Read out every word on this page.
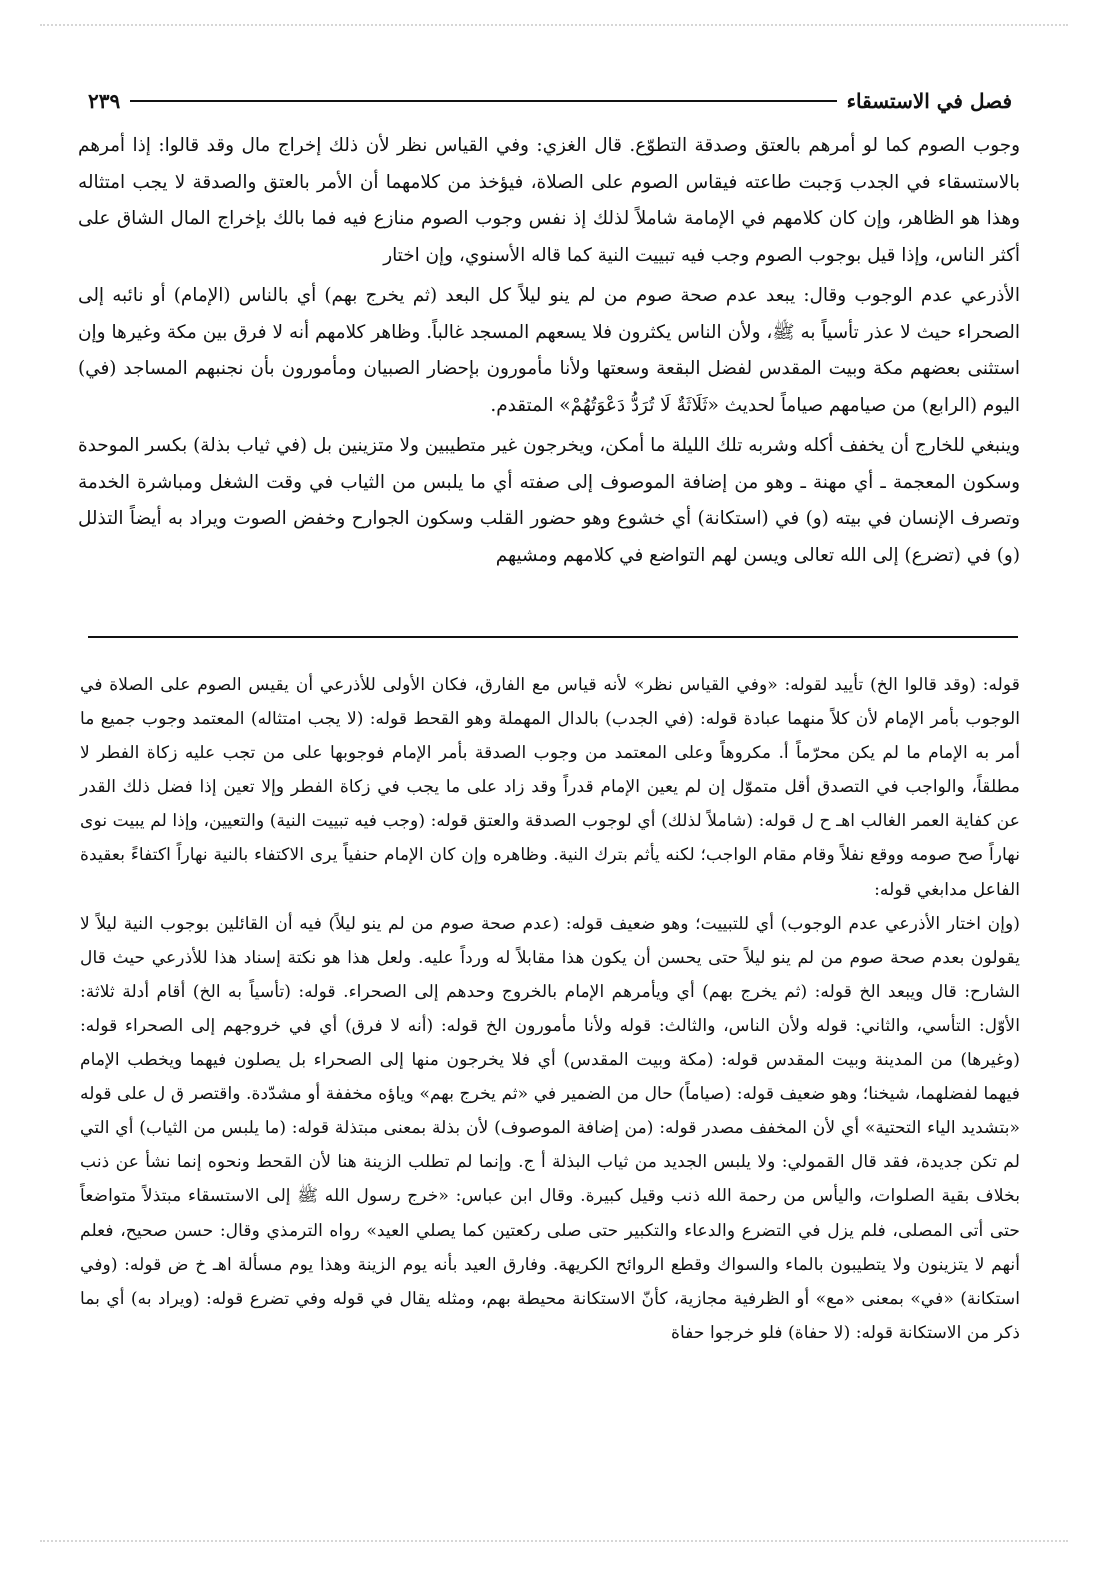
فصل في الاستسقاء
٢٣٩

وجوب الصوم كما لو أمرهم بالعتق وصدقة التطوّع. قال الغزي: وفي القياس نظر لأن ذلك إخراج مال وقد قالوا: إذا أمرهم بالاستسقاء في الجدب وَجبت طاعته فيقاس الصوم على الصلاة، فيؤخذ من كلامهما أن الأمر بالعتق والصدقة لا يجب امتثاله وهذا هو الظاهر، وإن كان كلامهم في الإمامة شاملاً لذلك إذ نفس وجوب الصوم منازع فيه فما بالك بإخراج المال الشاق على أكثر الناس، وإذا قيل بوجوب الصوم وجب فيه تبييت النية كما قاله الأسنوي، وإن اختار

الأذرعي عدم الوجوب وقال: يبعد عدم صحة صوم من لم ينو ليلاً كل البعد (ثم يخرج بهم) أي بالناس (الإمام) أو نائبه إلى الصحراء حيث لا عذر تأسياً به ﷺ، ولأن الناس يكثرون فلا يسعهم المسجد غالباً. وظاهر كلامهم أنه لا فرق بين مكة وغيرها وإن استثنى بعضهم مكة وبيت المقدس لفضل البقعة وسعتها ولأنا مأمورون بإحضار الصبيان ومأمورون بأن نجنبهم المساجد (في) اليوم (الرابع) من صيامهم صياماً لحديث «ثَلَاثَةٌ لَا تُرَدُّ دَعْوَتُهُمْ» المتقدم.

وينبغي للخارج أن يخفف أكله وشربه تلك الليلة ما أمكن، ويخرجون غير متطيبين ولا متزينين بل (في ثياب بذلة) بكسر الموحدة وسكون المعجمة ـ أي مهنة ـ وهو من إضافة الموصوف إلى صفته أي ما يلبس من الثياب في وقت الشغل ومباشرة الخدمة وتصرف الإنسان في بيته (و) في (استكانة) أي خشوع وهو حضور القلب وسكون الجوارح وخفض الصوت ويراد به أيضاً التذلل (و) في (تضرع) إلى الله تعالى ويسن لهم التواضع في كلامهم ومشيهم

قوله: (وقد قالوا الخ) تأييد لقوله: «وفي القياس نظر» لأنه قياس مع الفارق، فكان الأولى للأذرعي أن يقيس الصوم على الصلاة في الوجوب بأمر الإمام لأن كلاً منهما عبادة قوله: (في الجدب) بالدال المهملة وهو القحط قوله: (لا يجب امتثاله) المعتمد وجوب جميع ما أمر به الإمام ما لم يكن محرّماً أ. مكروهاً وعلى المعتمد من وجوب الصدقة بأمر الإمام فوجوبها على من تجب عليه زكاة الفطر لا مطلقاً، والواجب في التصدق أقل متموّل إن لم يعين الإمام قدراً وقد زاد على ما يجب في زكاة الفطر وإلا تعين إذا فضل ذلك القدر عن كفاية العمر الغالب اهـ ح ل قوله: (شاملاً لذلك) أي لوجوب الصدقة والعتق قوله: (وجب فيه تبييت النية) والتعيين، وإذا لم يبيت نوى نهاراً صح صومه ووقع نفلاً وقام مقام الواجب؛ لكنه يأثم بترك النية. وظاهره وإن كان الإمام حنفياً يرى الاكتفاء بالنية نهاراً اكتفاءً بعقيدة الفاعل مدابغي قوله:

(وإن اختار الأذرعي عدم الوجوب) أي للتبييت؛ وهو ضعيف قوله: (عدم صحة صوم من لم ينو ليلاً) فيه أن القائلين بوجوب النية ليلاً لا يقولون بعدم صحة صوم من لم ينو ليلاً حتى يحسن أن يكون هذا مقابلاً له ورداً عليه. ولعل هذا هو نكتة إسناد هذا للأذرعي حيث قال الشارح: قال ويبعد الخ قوله: (ثم يخرج بهم) أي ويأمرهم الإمام بالخروج وحدهم إلى الصحراء. قوله: (تأسياً به الخ) أقام أدلة ثلاثة: الأوّل: التأسي، والثاني: قوله ولأن الناس، والثالث: قوله ولأنا مأمورون الخ قوله: (أنه لا فرق) أي في خروجهم إلى الصحراء قوله: (وغيرها) من المدينة وبيت المقدس قوله: (مكة وبيت المقدس) أي فلا يخرجون منها إلى الصحراء بل يصلون فيهما ويخطب الإمام فيهما لفضلهما، شيخنا؛ وهو ضعيف قوله: (صياماً) حال من الضمير في «ثم يخرج بهم» وياؤه مخففة أو مشدّدة. واقتصر ق ل على قوله «بتشديد الياء التحتية» أي لأن المخفف مصدر قوله: (من إضافة الموصوف) لأن بذلة بمعنى مبتذلة قوله: (ما يلبس من الثياب) أي التي لم تكن جديدة، فقد قال القمولي: ولا يلبس الجديد من ثياب البذلة أ ج. وإنما لم تطلب الزينة هنا لأن القحط ونحوه إنما نشأ عن ذنب بخلاف بقية الصلوات، واليأس من رحمة الله ذنب وقيل كبيرة. وقال ابن عباس: «خرج رسول الله ﷺ إلى الاستسقاء مبتذلاً متواضعاً حتى أتى المصلى، فلم يزل في التضرع والدعاء والتكبير حتى صلى ركعتين كما يصلي العيد» رواه الترمذي وقال: حسن صحيح، فعلم أنهم لا يتزينون ولا يتطيبون بالماء والسواك وقطع الروائح الكريهة. وفارق العيد بأنه يوم الزينة وهذا يوم مسألة اهـ خ ض قوله: (وفي استكانة) «في» بمعنى «مع» أو الظرفية مجازية، كأنّ الاستكانة محيطة بهم، ومثله يقال في قوله وفي تضرع قوله: (ويراد به) أي بما ذكر من الاستكانة قوله: (لا حفاة) فلو خرجوا حفاة
